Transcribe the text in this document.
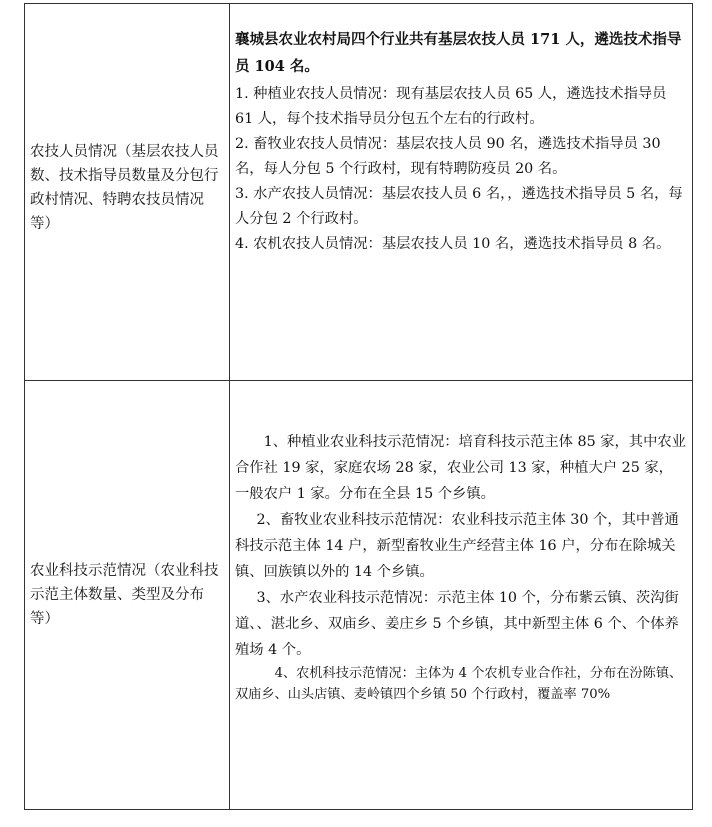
农技人员情况（基层农技人员数、技术指导员数量及分包行政村情况、特聘农技员情况等）

襄城县农业农村局四个行业共有基层农技人员 171 人，遴选技术指导员 104 名。

1. 种植业农技人员情况：现有基层农技人员 65 人，遴选技术指导员 61 人，每个技术指导员分包五个左右的行政村。

2. 畜牧业农技人员情况：基层农技人员 90 名，遴选技术指导员 30 名，每人分包 5 个行政村，现有特聘防疫员 20 名。

3. 水产农技人员情况：基层农技人员 6 名，，遴选技术指导员 5 名，每人分包 2 个行政村。

4. 农机农技人员情况：基层农技人员 10 名，遴选技术指导员 8 名。

农业科技示范情况（农业科技示范主体数量、类型及分布等）

1、种植业农业科技示范情况：培育科技示范主体 85 家，其中农业合作社 19 家，家庭农场 28 家，农业公司 13 家，种植大户 25 家，一般农户 1 家。分布在全县 15 个乡镇。

2、畜牧业农业科技示范情况：农业科技示范主体 30 个，其中普通科技示范主体 14 户，新型畜牧业生产经营主体 16 户，分布在除城关镇、回族镇以外的 14 个乡镇。

3、水产农业科技示范情况：示范主体 10 个，分布紫云镇、茨沟街道、、湛北乡、双庙乡、姜庄乡 5 个乡镇，其中新型主体 6 个、个体养殖场 4 个。

4、农机科技示范情况：主体为 4 个农机专业合作社，分布在汾陈镇、双庙乡、山头店镇、麦岭镇四个乡镇 50 个行政村，覆盖率 70%
